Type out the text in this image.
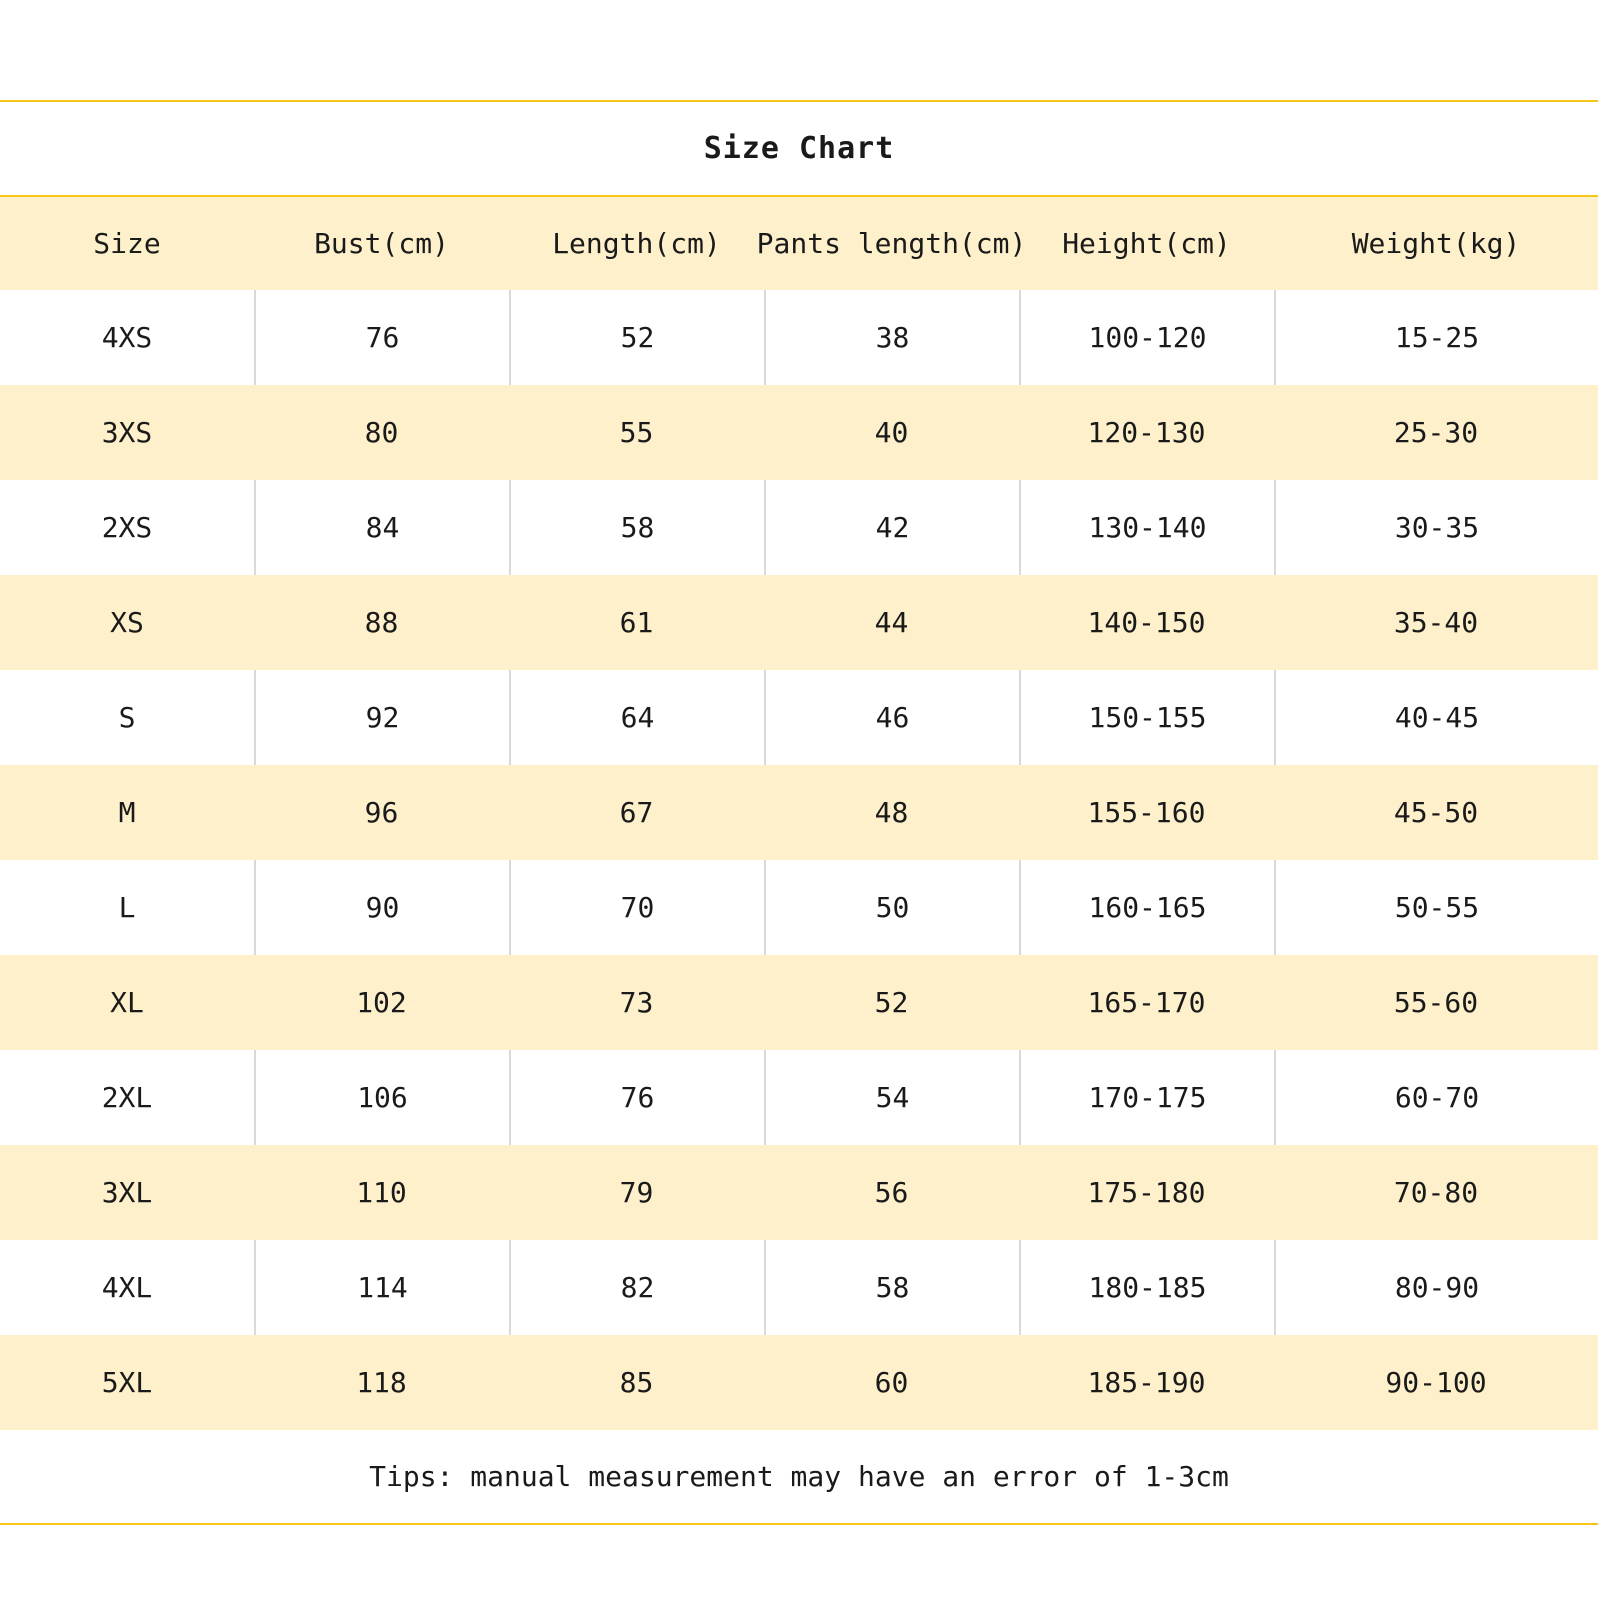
Size Chart
Size	Bust(cm)	Length(cm)	Pants length(cm)	Height(cm)	Weight(kg)
4XS	76	52	38	100-120	15-25
3XS	80	55	40	120-130	25-30
2XS	84	58	42	130-140	30-35
XS	88	61	44	140-150	35-40
S	92	64	46	150-155	40-45
M	96	67	48	155-160	45-50
L	90	70	50	160-165	50-55
XL	102	73	52	165-170	55-60
2XL	106	76	54	170-175	60-70
3XL	110	79	56	175-180	70-80
4XL	114	82	58	180-185	80-90
5XL	118	85	60	185-190	90-100
Tips: manual measurement may have an error of 1-3cm
